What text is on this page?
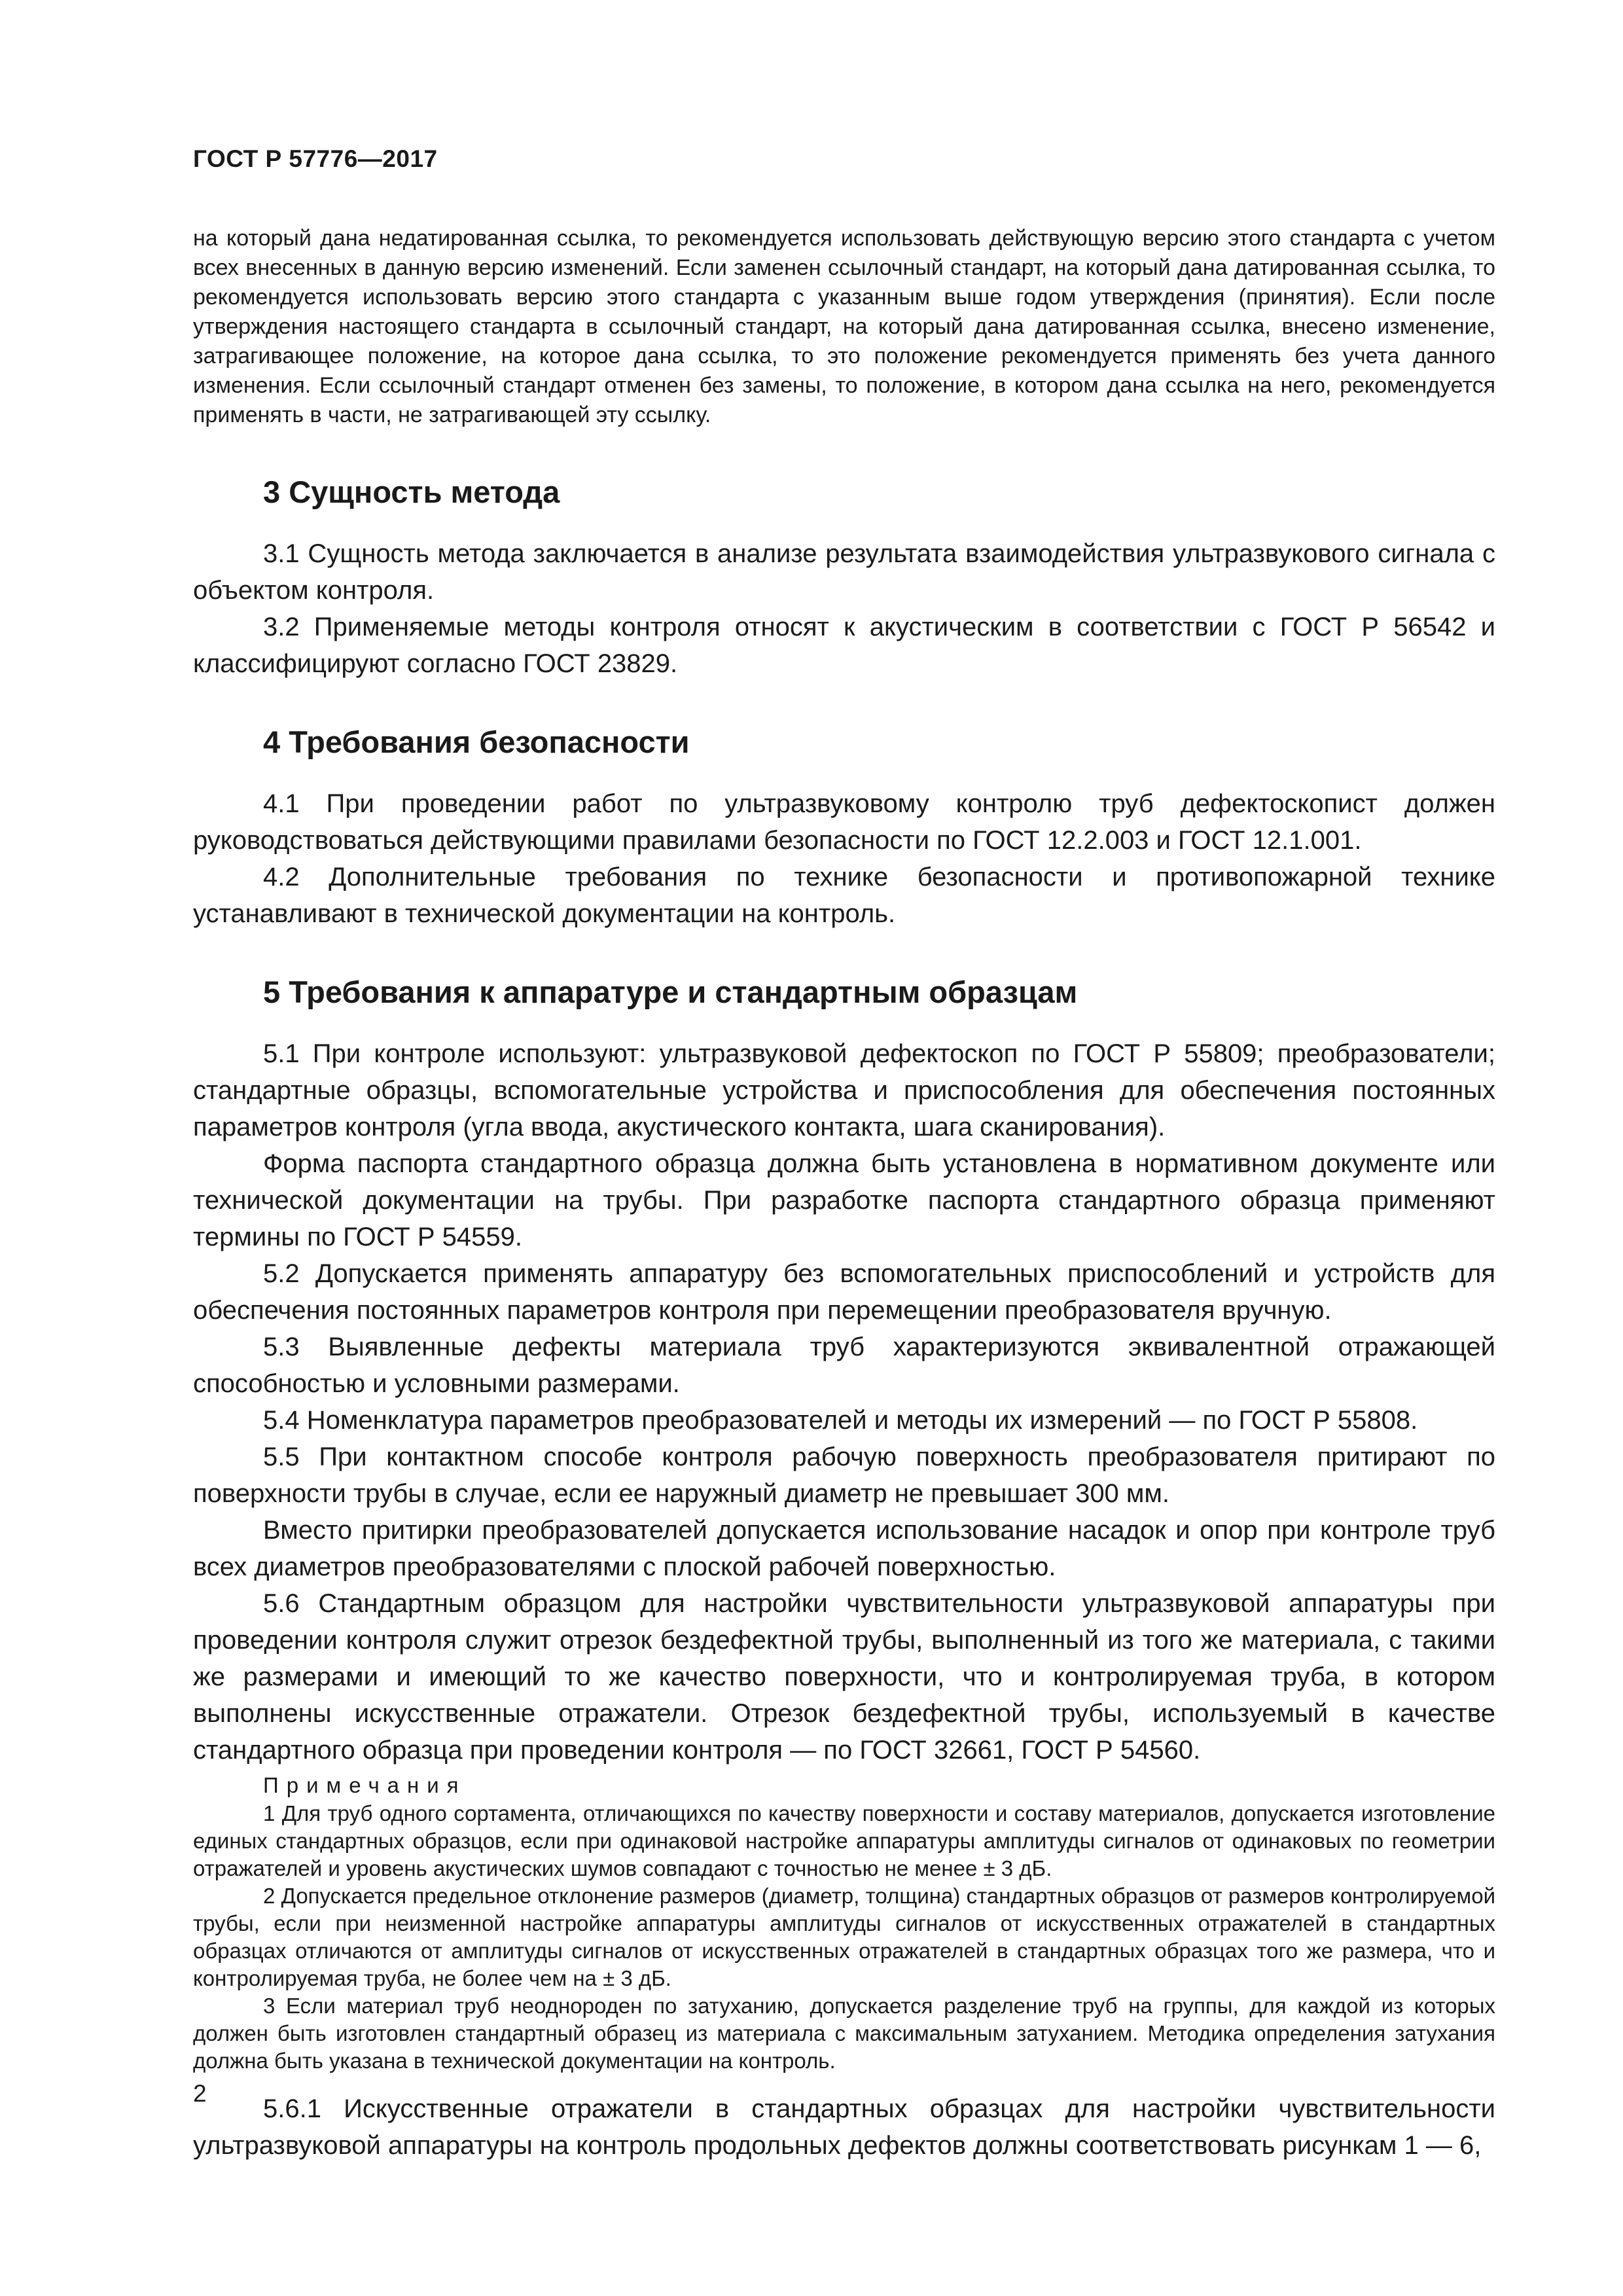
ГОСТ Р 57776—2017

на который дана недатированная ссылка, то рекомендуется использовать действующую версию этого стандарта с учетом всех внесенных в данную версию изменений. Если заменен ссылочный стандарт, на который дана датированная ссылка, то рекомендуется использовать версию этого стандарта с указанным выше годом утверждения (принятия). Если после утверждения настоящего стандарта в ссылочный стандарт, на который дана датированная ссылка, внесено изменение, затрагивающее положение, на которое дана ссылка, то это положение рекомендуется применять без учета данного изменения. Если ссылочный стандарт отменен без замены, то положение, в котором дана ссылка на него, рекомендуется применять в части, не затрагивающей эту ссылку.

3 Сущность метода

3.1 Сущность метода заключается в анализе результата взаимодействия ультразвукового сигнала с объектом контроля.

3.2 Применяемые методы контроля относят к акустическим в соответствии с ГОСТ Р 56542 и классифицируют согласно ГОСТ 23829.

4 Требования безопасности

4.1 При проведении работ по ультразвуковому контролю труб дефектоскопист должен руководствоваться действующими правилами безопасности по ГОСТ 12.2.003 и ГОСТ 12.1.001.

4.2 Дополнительные требования по технике безопасности и противопожарной технике устанавливают в технической документации на контроль.

5 Требования к аппаратуре и стандартным образцам

5.1 При контроле используют: ультразвуковой дефектоскоп по ГОСТ Р 55809; преобразователи; стандартные образцы, вспомогательные устройства и приспособления для обеспечения постоянных параметров контроля (угла ввода, акустического контакта, шага сканирования).

Форма паспорта стандартного образца должна быть установлена в нормативном документе или технической документации на трубы. При разработке паспорта стандартного образца применяют термины по ГОСТ Р 54559.

5.2 Допускается применять аппаратуру без вспомогательных приспособлений и устройств для обеспечения постоянных параметров контроля при перемещении преобразователя вручную.

5.3 Выявленные дефекты материала труб характеризуются эквивалентной отражающей способностью и условными размерами.

5.4 Номенклатура параметров преобразователей и методы их измерений — по ГОСТ Р 55808.

5.5 При контактном способе контроля рабочую поверхность преобразователя притирают по поверхности трубы в случае, если ее наружный диаметр не превышает 300 мм.

Вместо притирки преобразователей допускается использование насадок и опор при контроле труб всех диаметров преобразователями с плоской рабочей поверхностью.

5.6 Стандартным образцом для настройки чувствительности ультразвуковой аппаратуры при проведении контроля служит отрезок бездефектной трубы, выполненный из того же материала, с такими же размерами и имеющий то же качество поверхности, что и контролируемая труба, в котором выполнены искусственные отражатели. Отрезок бездефектной трубы, используемый в качестве стандартного образца при проведении контроля — по ГОСТ 32661, ГОСТ Р 54560.

Примечания

1 Для труб одного сортамента, отличающихся по качеству поверхности и составу материалов, допускается изготовление единых стандартных образцов, если при одинаковой настройке аппаратуры амплитуды сигналов от одинаковых по геометрии отражателей и уровень акустических шумов совпадают с точностью не менее ± 3 дБ.

2 Допускается предельное отклонение размеров (диаметр, толщина) стандартных образцов от размеров контролируемой трубы, если при неизменной настройке аппаратуры амплитуды сигналов от искусственных отражателей в стандартных образцах отличаются от амплитуды сигналов от искусственных отражателей в стандартных образцах того же размера, что и контролируемая труба, не более чем на ± 3 дБ.

3 Если материал труб неоднороден по затуханию, допускается разделение труб на группы, для каждой из которых должен быть изготовлен стандартный образец из материала с максимальным затуханием. Методика определения затухания должна быть указана в технической документации на контроль.

5.6.1 Искусственные отражатели в стандартных образцах для настройки чувствительности ультразвуковой аппаратуры на контроль продольных дефектов должны соответствовать рисункам 1 — 6,

2
